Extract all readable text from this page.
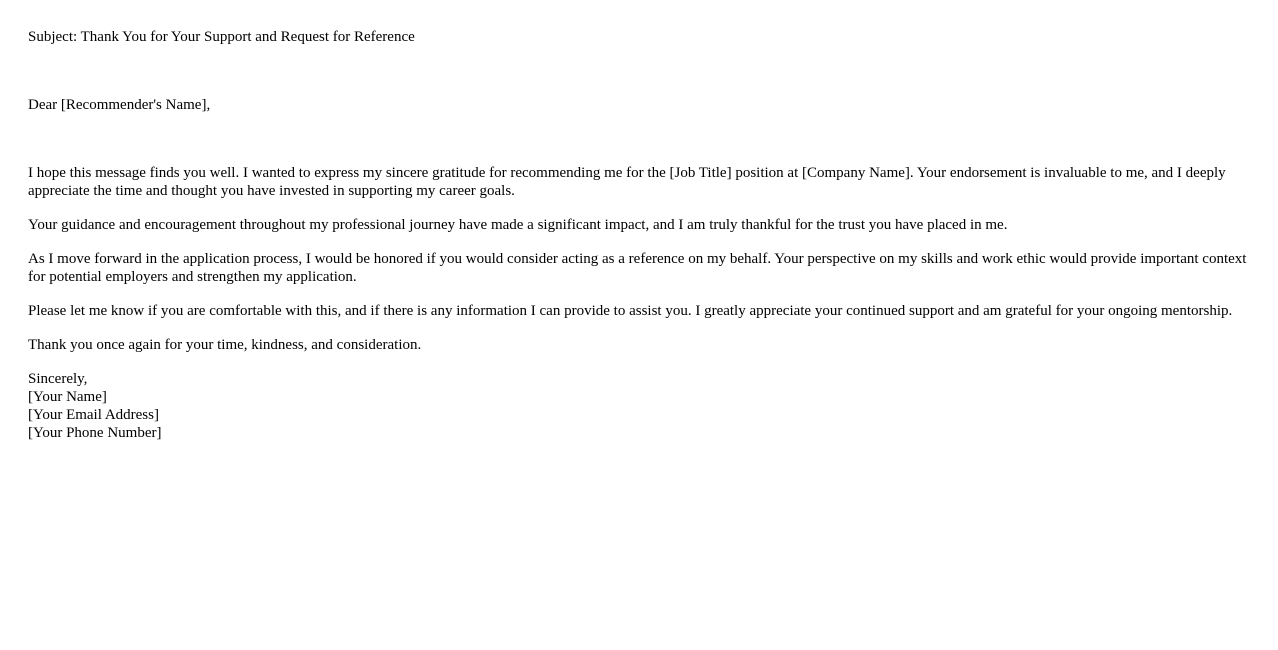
Subject: Thank You for Your Support and Request for Reference

Dear [Recommender's Name],

I hope this message finds you well. I wanted to express my sincere gratitude for recommending me for the [Job Title] position at [Company Name]. Your endorsement is invaluable to me, and I deeply appreciate the time and thought you have invested in supporting my career goals.

Your guidance and encouragement throughout my professional journey have made a significant impact, and I am truly thankful for the trust you have placed in me.

As I move forward in the application process, I would be honored if you would consider acting as a reference on my behalf. Your perspective on my skills and work ethic would provide important context for potential employers and strengthen my application.

Please let me know if you are comfortable with this, and if there is any information I can provide to assist you. I greatly appreciate your continued support and am grateful for your ongoing mentorship.

Thank you once again for your time, kindness, and consideration.

Sincerely,

[Your Name]

[Your Email Address]

[Your Phone Number]
